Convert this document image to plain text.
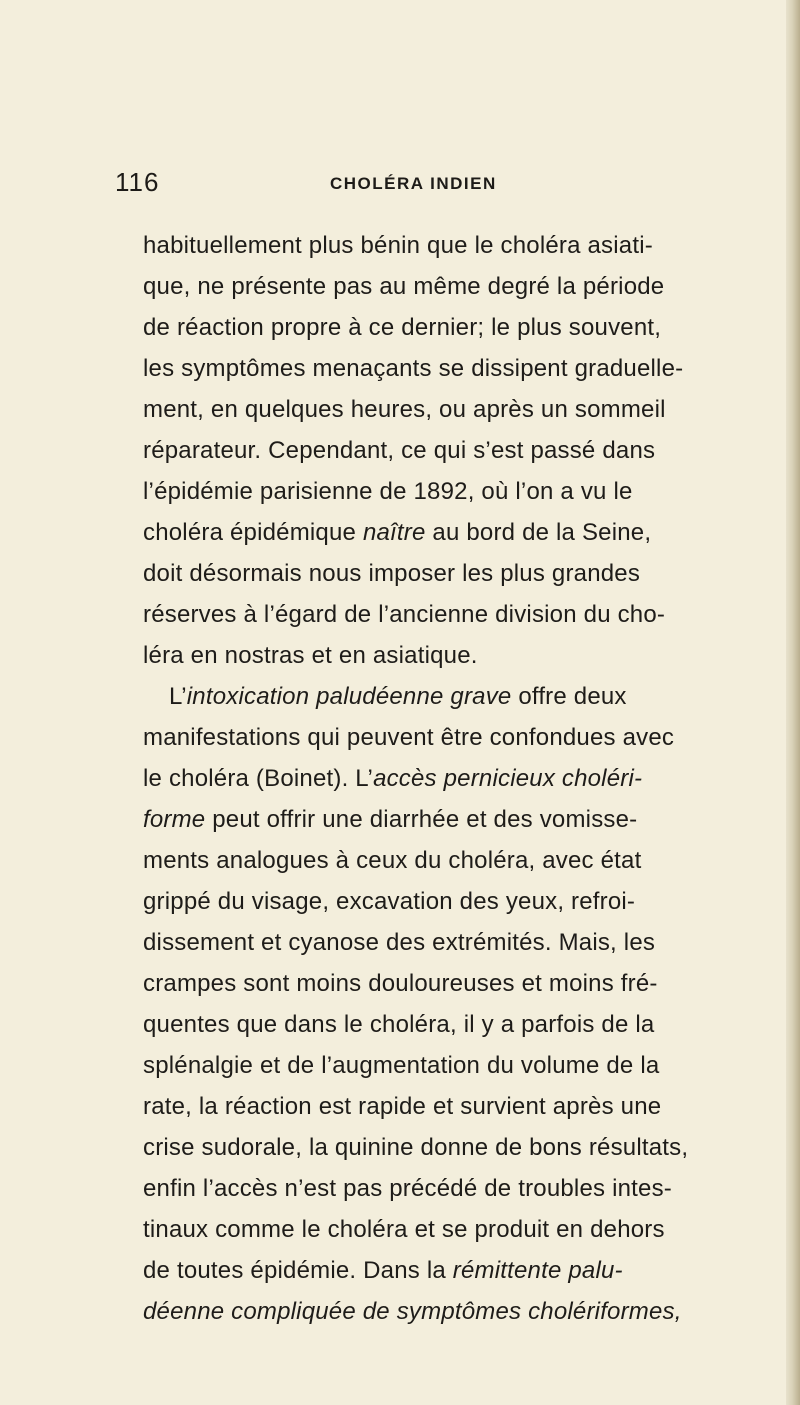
116	CHOLÉRA INDIEN
habituellement plus bénin que le choléra asiati-
que, ne présente pas au même degré la période
de réaction propre à ce dernier; le plus souvent,
les symptômes menaçants se dissipent graduelle-
ment, en quelques heures, ou après un sommeil
réparateur. Cependant, ce qui s’est passé dans
l’épidémie parisienne de 1892, où l’on a vu le
choléra épidémique naître au bord de la Seine,
doit désormais nous imposer les plus grandes
réserves à l’égard de l’ancienne division du cho-
léra en nostras et en asiatique.
L’intoxication paludéenne grave offre deux
manifestations qui peuvent être confondues avec
le choléra (Boinet). L’accès pernicieux choléri-
forme peut offrir une diarrhée et des vomisse-
ments analogues à ceux du choléra, avec état
grippé du visage, excavation des yeux, refroi-
dissement et cyanose des extrémités. Mais, les
crampes sont moins douloureuses et moins fré-
quentes que dans le choléra, il y a parfois de la
splénalgie et de l’augmentation du volume de la
rate, la réaction est rapide et survient après une
crise sudorale, la quinine donne de bons résultats,
enfin l’accès n’est pas précédé de troubles intes-
tinaux comme le choléra et se produit en dehors
de toutes épidémie. Dans la rémittente palu-
déenne compliquée de symptômes cholériformes,
